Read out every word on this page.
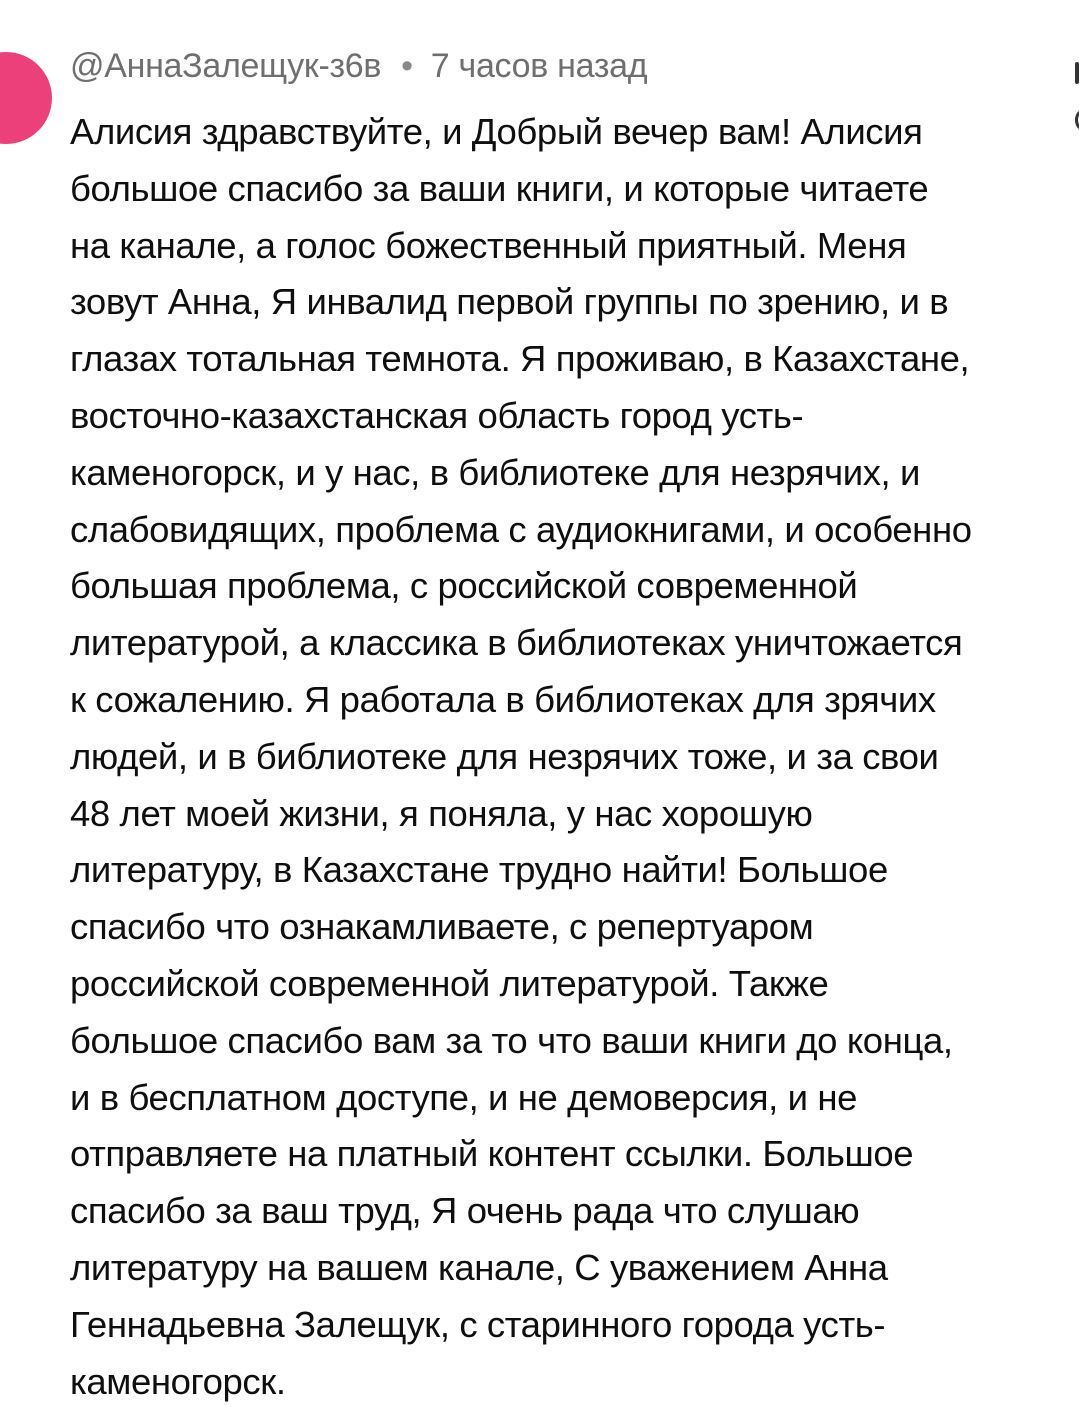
@АннаЗалещук-з6в • 7 часов назад
Алисия здравствуйте, и Добрый вечер вам! Алисия
большое спасибо за ваши книги, и которые читаете
на канале, а голос божественный приятный. Меня
зовут Анна, Я инвалид первой группы по зрению, и в
глазах тотальная темнота. Я проживаю, в Казахстане,
восточно-казахстанская область город усть-
каменогорск, и у нас, в библиотеке для незрячих, и
слабовидящих, проблема с аудиокнигами, и особенно
большая проблема, с российской современной
литературой, а классика в библиотеках уничтожается
к сожалению. Я работала в библиотеках для зрячих
людей, и в библиотеке для незрячих тоже, и за свои
48 лет моей жизни, я поняла, у нас хорошую
литературу, в Казахстане трудно найти! Большое
спасибо что ознакамливаете, с репертуаром
российской современной литературой. Также
большое спасибо вам за то что ваши книги до конца,
и в бесплатном доступе, и не демоверсия, и не
отправляете на платный контент ссылки. Большое
спасибо за ваш труд, Я очень рада что слушаю
литературу на вашем канале, С уважением Анна
Геннадьевна Залещук, с старинного города усть-
каменогорск.
